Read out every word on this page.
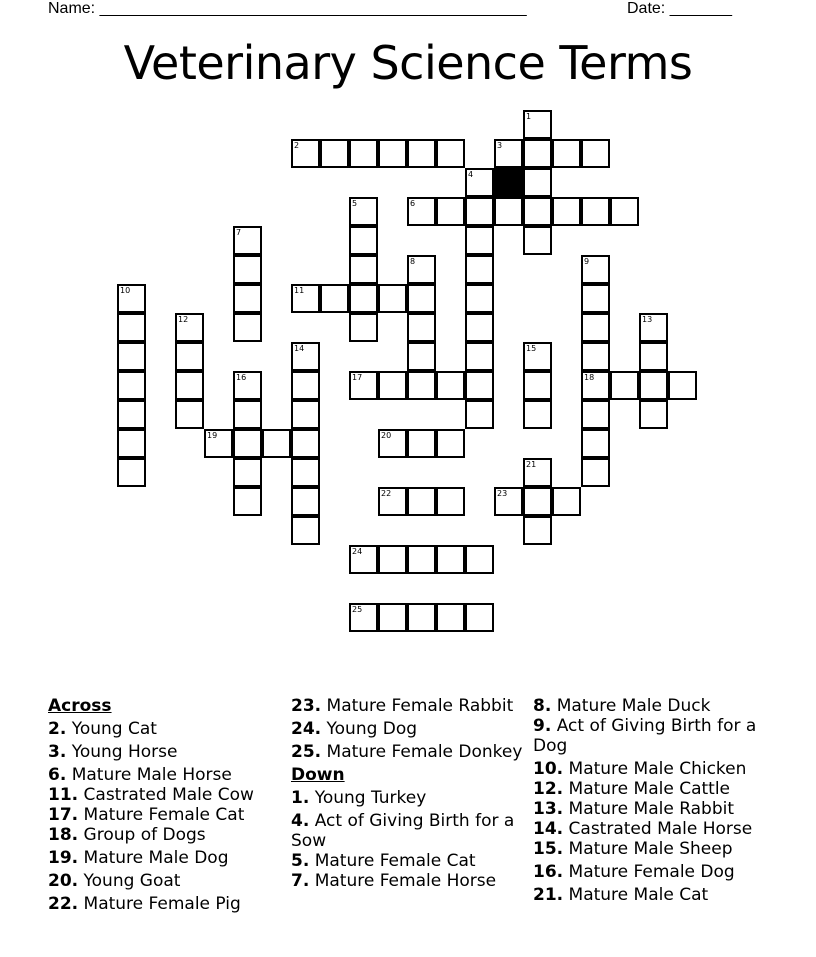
Name: ________________________________________________	Date: _______
Veterinary Science Terms
1
2	3
4
5	6
7
8	9
18
10	11
12	13
14	15
16	17
19	20
21
22	23
24
25
Across
2. Young Cat
3. Young Horse
6. Mature Male Horse
11. Castrated Male Cow
17. Mature Female Cat
18. Group of Dogs
19. Mature Male Dog
20. Young Goat
22. Mature Female Pig
23. Mature Female Rabbit
24. Young Dog
25. Mature Female Donkey
Down
1. Young Turkey
4. Act of Giving Birth for a Sow
5. Mature Female Cat
7. Mature Female Horse
8. Mature Male Duck
9. Act of Giving Birth for a Dog
10. Mature Male Chicken
12. Mature Male Cattle
13. Mature Male Rabbit
14. Castrated Male Horse
15. Mature Male Sheep
16. Mature Female Dog
21. Mature Male Cat
